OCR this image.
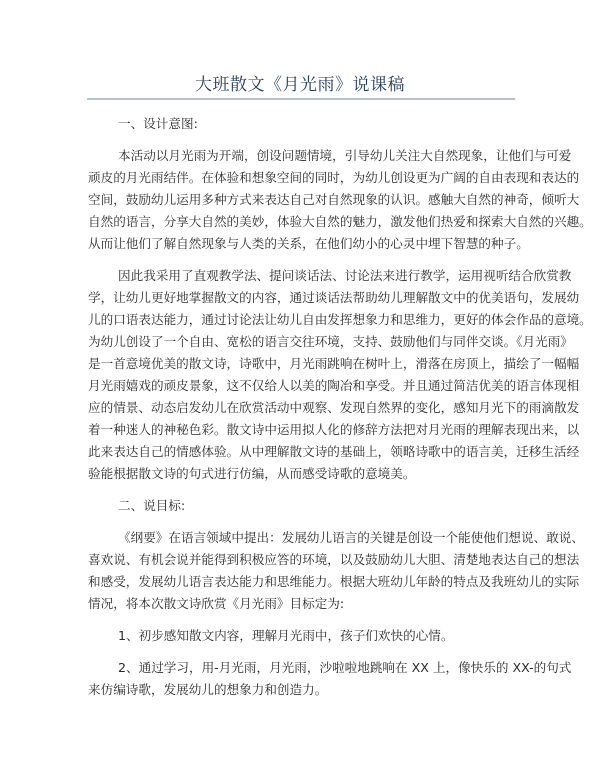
大班散文《月光雨》说课稿
一、设计意图:
本活动以月光雨为开端，创设问题情境，引导幼儿关注大自然现象，让他们与可爱
顽皮的月光雨结伴。在体验和想象空间的同时，为幼儿创设更为广阔的自由表现和表达的
空间，鼓励幼儿运用多种方式来表达自己对自然现象的认识。感触大自然的神奇，倾听大
自然的语言，分享大自然的美妙，体验大自然的魅力，激发他们热爱和探索大自然的兴趣。
从而让他们了解自然现象与人类的关系，在他们幼小的心灵中埋下智慧的种子。
因此我采用了直观教学法、提问谈话法、讨论法来进行教学，运用视听结合欣赏教
学，让幼儿更好地掌握散文的内容，通过谈话法帮助幼儿理解散文中的优美语句，发展幼
儿的口语表达能力，通过讨论法让幼儿自由发挥想象力和思维力，更好的体会作品的意境。
为幼儿创设了一个自由、宽松的语言交往环境，支持、鼓励他们与同伴交谈。《月光雨》
是一首意境优美的散文诗，诗歌中，月光雨跳响在树叶上，滑落在房顶上，描绘了一幅幅
月光雨嬉戏的顽皮景象，这不仅给人以美的陶冶和享受。并且通过简洁优美的语言体现相
应的情景、动态启发幼儿在欣赏活动中观察、发现自然界的变化，感知月光下的雨滴散发
着一种迷人的神秘色彩。散文诗中运用拟人化的修辞方法把对月光雨的理解表现出来，以
此来表达自己的情感体验。从中理解散文诗的基础上，领略诗歌中的语言美，迁移生活经
验能根据散文诗的句式进行仿编，从而感受诗歌的意境美。
二、说目标:
《纲要》在语言领域中提出：发展幼儿语言的关键是创设一个能使他们想说、敢说、
喜欢说、有机会说并能得到积极应答的环境，以及鼓励幼儿大胆、清楚地表达自己的想法
和感受，发展幼儿语言表达能力和思维能力。根据大班幼儿年龄的特点及我班幼儿的实际
情况，将本次散文诗欣赏《月光雨》目标定为:
1、初步感知散文内容，理解月光雨中，孩子们欢快的心情。
2、通过学习，用-月光雨，月光雨，沙啦啦地跳响在 XX 上，像快乐的 XX-的句式
来仿编诗歌，发展幼儿的想象力和创造力。
